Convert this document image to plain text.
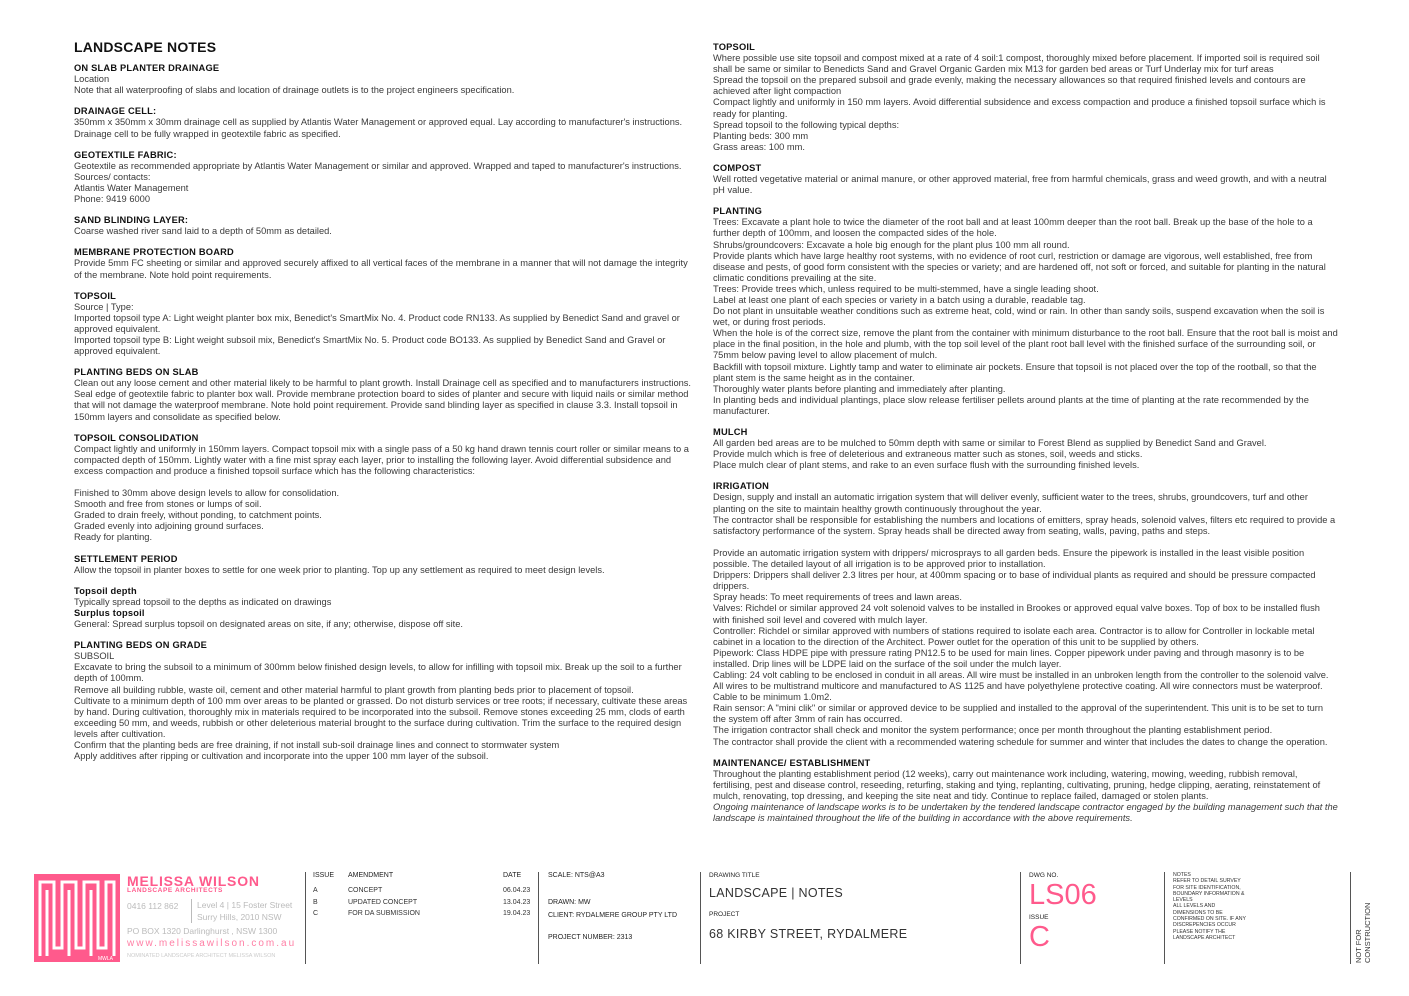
LANDSCAPE NOTES
ON SLAB PLANTER DRAINAGE
Location
Note that all waterproofing of slabs and location of drainage outlets is to the project engineers specification.
DRAINAGE CELL:
350mm x 350mm x 30mm drainage cell as supplied by Atlantis Water Management or approved equal. Lay according to manufacturer's instructions. Drainage cell to be fully wrapped in geotextile fabric as specified.
GEOTEXTILE FABRIC:
Geotextile as recommended appropriate by Atlantis Water Management or similar and approved. Wrapped and taped to manufacturer's instructions.
Sources/ contacts:
Atlantis Water Management
Phone: 9419 6000
SAND BLINDING LAYER:
Coarse washed river sand laid to a depth of 50mm as detailed.
MEMBRANE PROTECTION BOARD
Provide 5mm FC sheeting or similar and approved securely affixed to all vertical faces of the membrane in a manner that will not damage the integrity of the membrane. Note hold point requirements.
TOPSOIL
Source | Type:
Imported topsoil type A: Light weight planter box mix, Benedict's SmartMix No. 4. Product code RN133. As supplied by Benedict Sand and gravel or approved equivalent.
Imported topsoil type B: Light weight subsoil mix, Benedict's SmartMix No. 5. Product code BO133. As supplied by Benedict Sand and Gravel or approved equivalent.
PLANTING BEDS ON SLAB
Clean out any loose cement and other material likely to be harmful to plant growth. Install Drainage cell as specified and to manufacturers instructions. Seal edge of geotextile fabric to planter box wall. Provide membrane protection board to sides of planter and secure with liquid nails or similar method that will not damage the waterproof membrane. Note hold point requirement. Provide sand blinding layer as specified in clause 3.3. Install topsoil in 150mm layers and consolidate as specified below.
TOPSOIL CONSOLIDATION
Compact lightly and uniformly in 150mm layers. Compact topsoil mix with a single pass of a 50 kg hand drawn tennis court roller or similar means to a compacted depth of 150mm. Lightly water with a fine mist spray each layer, prior to installing the following layer. Avoid differential subsidence and excess compaction and produce a finished topsoil surface which has the following characteristics:
Finished to 30mm above design levels to allow for consolidation.
Smooth and free from stones or lumps of soil.
Graded to drain freely, without ponding, to catchment points.
Graded evenly into adjoining ground surfaces.
Ready for planting.
SETTLEMENT PERIOD
Allow the topsoil in planter boxes to settle for one week prior to planting. Top up any settlement as required to meet design levels.
Topsoil depth
Typically spread topsoil to the depths as indicated on drawings
Surplus topsoil
General: Spread surplus topsoil on designated areas on site, if any; otherwise, dispose off site.
PLANTING BEDS ON GRADE
SUBSOIL
Excavate to bring the subsoil to a minimum of 300mm below finished design levels, to allow for infilling with topsoil mix. Break up the soil to a further depth of 100mm.
Remove all building rubble, waste oil, cement and other material harmful to plant growth from planting beds prior to placement of topsoil.
Cultivate to a minimum depth of 100 mm over areas to be planted or grassed. Do not disturb services or tree roots; if necessary, cultivate these areas by hand. During cultivation, thoroughly mix in materials required to be incorporated into the subsoil. Remove stones exceeding 25 mm, clods of earth exceeding 50 mm, and weeds, rubbish or other deleterious material brought to the surface during cultivation. Trim the surface to the required design levels after cultivation.
Confirm that the planting beds are free draining, if not install sub-soil drainage lines and connect to stormwater system
Apply additives after ripping or cultivation and incorporate into the upper 100 mm layer of the subsoil.
TOPSOIL
Where possible use site topsoil and compost mixed at a rate of 4 soil:1 compost, thoroughly mixed before placement. If imported soil is required soil shall be same or similar to Benedicts Sand and Gravel Organic Garden mix M13 for garden bed areas or Turf Underlay mix for turf areas
Spread the topsoil on the prepared subsoil and grade evenly, making the necessary allowances so that required finished levels and contours are achieved after light compaction
Compact lightly and uniformly in 150 mm layers. Avoid differential subsidence and excess compaction and produce a finished topsoil surface which is ready for planting.
Spread topsoil to the following typical depths:
Planting beds: 300 mm
Grass areas: 100 mm.
COMPOST
Well rotted vegetative material or animal manure, or other approved material, free from harmful chemicals, grass and weed growth, and with a neutral pH value.
PLANTING
Trees: Excavate a plant hole to twice the diameter of the root ball and at least 100mm deeper than the root ball. Break up the base of the hole to a further depth of 100mm, and loosen the compacted sides of the hole.
Shrubs/groundcovers: Excavate a hole big enough for the plant plus 100 mm all round.
Provide plants which have large healthy root systems, with no evidence of root curl, restriction or damage are vigorous, well established, free from disease and pests, of good form consistent with the species or variety; and are hardened off, not soft or forced, and suitable for planting in the natural climatic conditions prevailing at the site.
Trees: Provide trees which, unless required to be multi-stemmed, have a single leading shoot.
Label at least one plant of each species or variety in a batch using a durable, readable tag.
Do not plant in unsuitable weather conditions such as extreme heat, cold, wind or rain. In other than sandy soils, suspend excavation when the soil is wet, or during frost periods.
When the hole is of the correct size, remove the plant from the container with minimum disturbance to the root ball. Ensure that the root ball is moist and place in the final position, in the hole and plumb, with the top soil level of the plant root ball level with the finished surface of the surrounding soil, or 75mm below paving level to allow placement of mulch.
Backfill with topsoil mixture. Lightly tamp and water to eliminate air pockets. Ensure that topsoil is not placed over the top of the rootball, so that the plant stem is the same height as in the container.
Thoroughly water plants before planting and immediately after planting.
In planting beds and individual plantings, place slow release fertiliser pellets around plants at the time of planting at the rate recommended by the manufacturer.
MULCH
All garden bed areas are to be mulched to 50mm depth with same or similar to Forest Blend as supplied by Benedict Sand and Gravel.
Provide mulch which is free of deleterious and extraneous matter such as stones, soil, weeds and sticks.
Place mulch clear of plant stems, and rake to an even surface flush with the surrounding finished levels.
IRRIGATION
Design, supply and install an automatic irrigation system that will deliver evenly, sufficient water to the trees, shrubs, groundcovers, turf and other planting on the site to maintain healthy growth continuously throughout the year.
The contractor shall be responsible for establishing the numbers and locations of emitters, spray heads, solenoid valves, filters etc required to provide a satisfactory performance of the system. Spray heads shall be directed away from seating, walls, paving, paths and steps.
Provide an automatic irrigation system with drippers/ microsprays to all garden beds. Ensure the pipework is installed in the least visible position possible. The detailed layout of all irrigation is to be approved prior to installation.
Drippers: Drippers shall deliver 2.3 litres per hour, at 400mm spacing or to base of individual plants as required and should be pressure compacted drippers.
Spray heads: To meet requirements of trees and lawn areas.
Valves: Richdel or similar approved 24 volt solenoid valves to be installed in Brookes or approved equal valve boxes. Top of box to be installed flush with finished soil level and covered with mulch layer.
Controller: Richdel or similar approved with numbers of stations required to isolate each area. Contractor is to allow for Controller in lockable metal cabinet in a location to the direction of the Architect. Power outlet for the operation of this unit to be supplied by others.
Pipework: Class HDPE pipe with pressure rating PN12.5 to be used for main lines. Copper pipework under paving and through masonry is to be installed. Drip lines will be LDPE laid on the surface of the soil under the mulch layer.
Cabling: 24 volt cabling to be enclosed in conduit in all areas. All wire must be installed in an unbroken length from the controller to the solenoid valve. All wires to be multistrand multicore and manufactured to AS 1125 and have polyethylene protective coating. All wire connectors must be waterproof. Cable to be minimum 1.0m2.
Rain sensor: A "mini clik" or similar or approved device to be supplied and installed to the approval of the superintendent. This unit is to be set to turn the system off after 3mm of rain has occurred.
The irrigation contractor shall check and monitor the system performance; once per month throughout the planting establishment period.
The contractor shall provide the client with a recommended watering schedule for summer and winter that includes the dates to change the operation.
MAINTENANCE/ ESTABLISHMENT
Throughout the planting establishment period (12 weeks), carry out maintenance work including, watering, mowing, weeding, rubbish removal, fertilising, pest and disease control, reseeding, returfing, staking and tying, replanting, cultivating, pruning, hedge clipping, aerating, reinstatement of mulch, renovating, top dressing, and keeping the site neat and tidy. Continue to replace failed, damaged or stolen plants.
Ongoing maintenance of landscape works is to be undertaken by the tendered landscape contractor engaged by the building management such that the landscape is maintained throughout the life of the building in accordance with the above requirements.
MWLA
MELISSA WILSON
LANDSCAPE ARCHITECTS
0416 112 862 Level 4 | 15 Foster Street
Surry Hills, 2010 NSW
PO BOX 1320 Darlinghurst , NSW 1300
www.melissawilson.com.au
NOMINATED LANDSCAPE ARCHITECT MELISSA WILSON
ISSUE	AMENDMENT	DATE
A	CONCEPT	06.04.23
B	UPDATED CONCEPT	13.04.23
C	FOR DA SUBMISSION	19.04.23
SCALE: NTS@A3
DRAWN: MW
CLIENT: RYDALMERE GROUP PTY LTD
PROJECT NUMBER: 2313
DRAWING TITLE
LANDSCAPE | NOTES
PROJECT
68 KIRBY STREET, RYDALMERE
DWG NO.
LS06
ISSUE
C
NOTES
REFER TO DETAIL SURVEY
FOR SITE IDENTIFICATION,
BOUNDARY INFORMATION &
LEVELS
ALL LEVELS AND
DIMENSIONS TO BE
CONFIRMED ON SITE. IF ANY
DISCREPENCIES OCCUR
PLEASE NOTIFY THE
LANDSCAPE ARCHITECT	NOT FOR CONSTRUCTION
